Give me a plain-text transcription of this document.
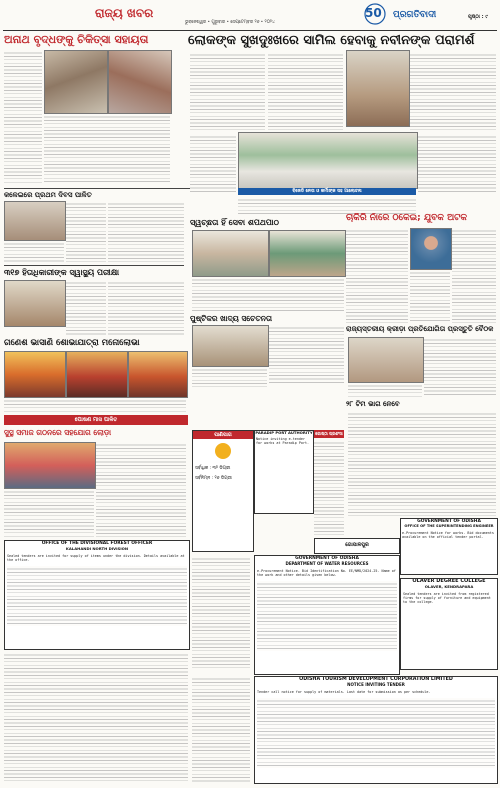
ରାଜ୍ୟ ଖବର
ଭୁବନେଶ୍ୱର • ଗୁରୁବାର • ସେପ୍ଟେମ୍ବର ୨୬ • ୨୦୨୪
50 ପ୍ରଗତିବାଦୀ	ପୃଷ୍ଠା : ୯
ଅନାଥ ବୃଦ୍ଧଙ୍କୁ ଚିକିତ୍ସା ସହାୟତା	ଲୋକଙ୍କ ସୁଖଦୁଃଖରେ ସାମିଲ ହେବାକୁ ନବୀନଙ୍କ ପରାମର୍ଶ
ବିଜେଡି ନେତା ଓ କର୍ମୀଙ୍କ ସହ ଆଲୋଚନା
କଳେଇରେ ପ୍ରଥମ ଦିବସ ପାଳିତ
୩୧୭ ହିତାଧିକାରୀଙ୍କ ସ୍ୱାସ୍ଥ୍ୟ ପରୀକ୍ଷା
ସ୍ୱଚ୍ଛତା ହିଁ ସେବା ଶପଥପାଠ	ଚାକିରି ନାଁରେ ଠକେଇ; ଯୁବକ ଅଟକ
ପୁଷ୍ଟିକର ଖାଦ୍ୟ ସଚେତନତା
ରାଜ୍ୟସ୍ତରୀୟ କ୍ରୀଡ଼ା ପ୍ରତିଯୋଗିତା ପ୍ରସ୍ତୁତି ବୈଠକ
ଗଣେଶ ଭାସାଣି ଶୋଭାଯାତ୍ରା ମନୋଲୋଭା
ପୋଷଣ ମାସ ପାଳିତ
ସୁସ୍ଥ ସମାଜ ଗଠନରେ ସହଯୋଗ ଲୋଡ଼ା	ପାଣିପାଗ
ସର୍ବାଧିକ : ୩୨ ଡିଗ୍ରୀ
ସର୍ବନିମ୍ନ : ୨୬ ଡିଗ୍ରୀ
PARADIP PORT AUTHORITY
Notice inviting e-tender for works at Paradip Port.
୨୮ ଟିମ ଭାଗ ନେବେ
ଗୋଷ୍ଠୀ ପ୍ରଶଂସା
GOVERNMENT OF ODISHA
OFFICE OF THE SUPERINTENDING ENGINEER
e-Procurement Notice for works. Bid documents available on the official tender portal.
OLAVER DEGREE COLLEGE
OLAVER, KENDRAPARA
Sealed tenders are invited from registered firms for supply of furniture and equipment to the college.
GOVERNMENT OF ODISHA
DEPARTMENT OF WATER RESOURCES
e-Procurement Notice. Bid Identification No. EE/NMD/2024-25. Name of the work and other details given below.
ଗୋପାଳପୁର
OFFICE OF THE DIVISIONAL FOREST OFFICER
KALAHANDI NORTH DIVISION
Sealed tenders are invited for supply of items under the division. Details available at the office.
ODISHA TOURISM DEVELOPMENT CORPORATION LIMITED
NOTICE INVITING TENDER
Tender call notice for supply of materials. Last date for submission as per schedule.
